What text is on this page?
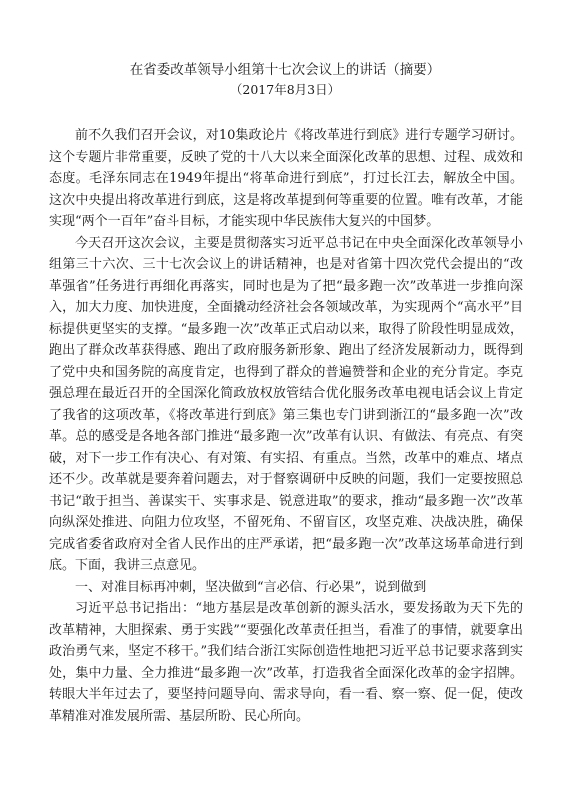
在省委改革领导小组第十七次会议上的讲话（摘要）
（2017年8月3日）

前不久我们召开会议，对10集政论片《将改革进行到底》进行专题学习研讨。这个专题片非常重要，反映了党的十八大以来全面深化改革的思想、过程、成效和态度。毛泽东同志在1949年提出“将革命进行到底”，打过长江去，解放全中国。这次中央提出将改革进行到底，这是将改革提到何等重要的位置。唯有改革，才能实现“两个一百年”奋斗目标，才能实现中华民族伟大复兴的中国梦。

今天召开这次会议，主要是贯彻落实习近平总书记在中央全面深化改革领导小组第三十六次、三十七次会议上的讲话精神，也是对省第十四次党代会提出的“改革强省”任务进行再细化再落实，同时也是为了把“最多跑一次”改革进一步推向深入，加大力度、加快进度，全面撬动经济社会各领域改革，为实现两个“高水平”目标提供更坚实的支撑。“最多跑一次”改革正式启动以来，取得了阶段性明显成效，跑出了群众改革获得感、跑出了政府服务新形象、跑出了经济发展新动力，既得到了党中央和国务院的高度肯定，也得到了群众的普遍赞誉和企业的充分肯定。李克强总理在最近召开的全国深化简政放权放管结合优化服务改革电视电话会议上肯定了我省的这项改革，《将改革进行到底》第三集也专门讲到浙江的“最多跑一次”改革。总的感受是各地各部门推进“最多跑一次”改革有认识、有做法、有亮点、有突破，对下一步工作有决心、有对策、有实招、有重点。当然，改革中的难点、堵点还不少。改革就是要奔着问题去，对于督察调研中反映的问题，我们一定要按照总书记“敢于担当、善谋实干、实事求是、锐意进取”的要求，推动“最多跑一次”改革向纵深处推进、向阻力位攻坚，不留死角、不留盲区，攻坚克难、决战决胜，确保完成省委省政府对全省人民作出的庄严承诺，把“最多跑一次”改革这场革命进行到底。下面，我讲三点意见。

一、对准目标再冲刺，坚决做到“言必信、行必果”，说到做到

习近平总书记指出：“地方基层是改革创新的源头活水，要发扬敢为天下先的改革精神，大胆探索、勇于实践”“要强化改革责任担当，看准了的事情，就要拿出政治勇气来，坚定不移干。”我们结合浙江实际创造性地把习近平总书记要求落到实处，集中力量、全力推进“最多跑一次”改革，打造我省全面深化改革的金字招牌。转眼大半年过去了，要坚持问题导向、需求导向，看一看、察一察、促一促，使改革精准对准发展所需、基层所盼、民心所向。
